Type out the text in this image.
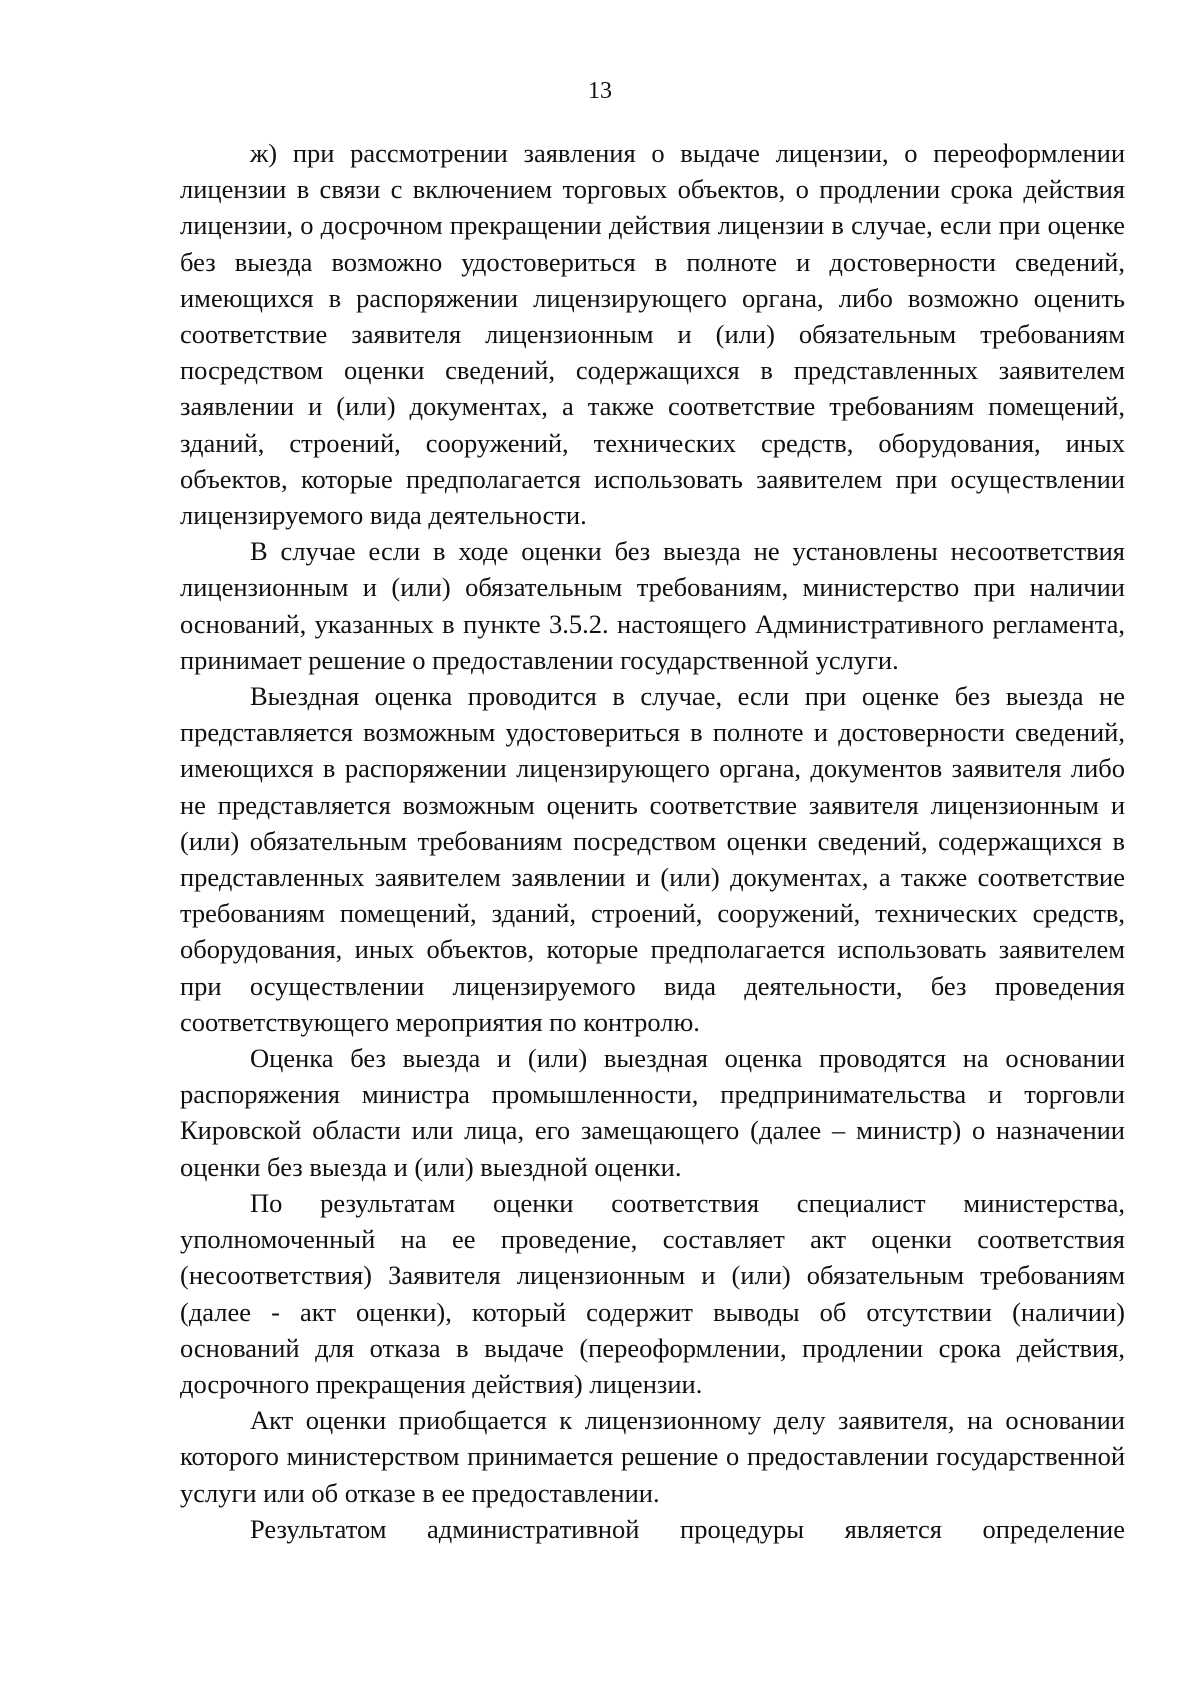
13

ж) при рассмотрении заявления о выдаче лицензии, о переоформлении лицензии в связи с включением торговых объектов, о продлении срока действия лицензии, о досрочном прекращении действия лицензии в случае, если при оценке без выезда возможно удостовериться в полноте и достоверности сведений, имеющихся в распоряжении лицензирующего органа, либо возможно оценить соответствие заявителя лицензионным и (или) обязательным требованиям посредством оценки сведений, содержащихся в представленных заявителем заявлении и (или) документах, а также соответствие требованиям помещений, зданий, строений, сооружений, технических средств, оборудования, иных объектов, которые предполагается использовать заявителем при осуществлении лицензируемого вида деятельности.

В случае если в ходе оценки без выезда не установлены несоответствия лицензионным и (или) обязательным требованиям, министерство при наличии оснований, указанных в пункте 3.5.2. настоящего Административного регламента, принимает решение о предоставлении государственной услуги.

Выездная оценка проводится в случае, если при оценке без выезда не представляется возможным удостовериться в полноте и достоверности сведений, имеющихся в распоряжении лицензирующего органа, документов заявителя либо не представляется возможным оценить соответствие заявителя лицензионным и (или) обязательным требованиям посредством оценки сведений, содержащихся в представленных заявителем заявлении и (или) документах, а также соответствие требованиям помещений, зданий, строений, сооружений, технических средств, оборудования, иных объектов, которые предполагается использовать заявителем при осуществлении лицензируемого вида деятельности, без проведения соответствующего мероприятия по контролю.

Оценка без выезда и (или) выездная оценка проводятся на основании распоряжения министра промышленности, предпринимательства и торговли Кировской области или лица, его замещающего (далее – министр) о назначении оценки без выезда и (или) выездной оценки.

По результатам оценки соответствия специалист министерства, уполномоченный на ее проведение, составляет акт оценки соответствия (несоответствия) Заявителя лицензионным и (или) обязательным требованиям (далее - акт оценки), который содержит выводы об отсутствии (наличии) оснований для отказа в выдаче (переоформлении, продлении срока действия, досрочного прекращения действия) лицензии.

Акт оценки приобщается к лицензионному делу заявителя, на основании которого министерством принимается решение о предоставлении государственной услуги или об отказе в ее предоставлении.

Результатом административной процедуры является определение
